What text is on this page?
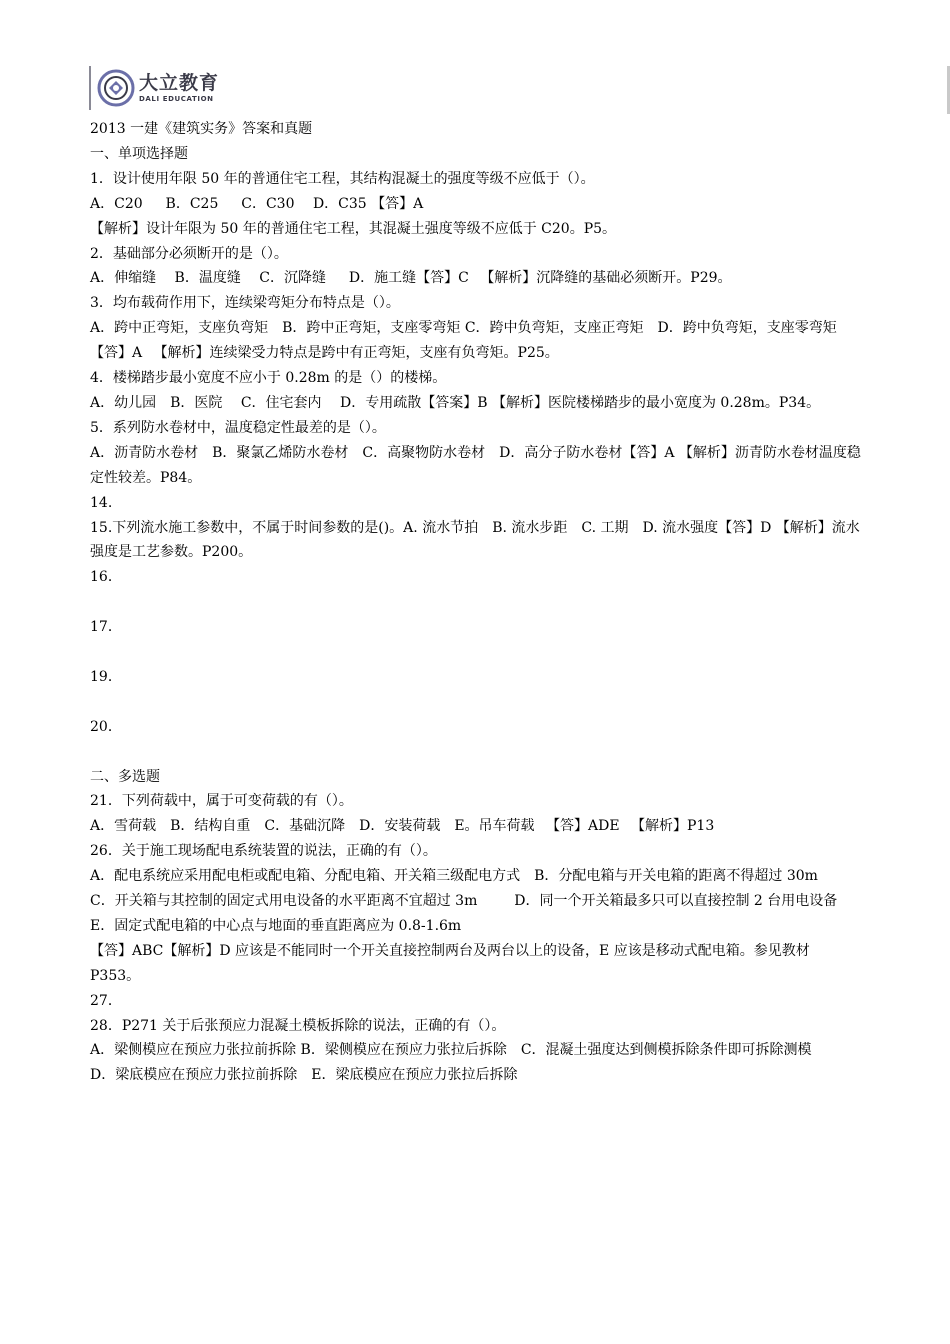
大立教育
DALI EDUCATION
2013 一建《建筑实务》答案和真题
一、单项选择题
1．设计使用年限 50 年的普通住宅工程，其结构混凝土的强度等级不应低于（）。
A．C20 　 B．C25 　 C．C30 　D．C35 【答】A
【解析】设计年限为 50 年的普通住宅工程，其混凝土强度等级不应低于 C20。P5。
2．基础部分必须断开的是（）。
A．伸缩缝 　B．温度缝 　C．沉降缝 　 D．施工缝【答】C 　【解析】沉降缝的基础必须断开。P29。
3．均布载荷作用下，连续梁弯矩分布特点是（）。
A．跨中正弯矩，支座负弯矩　B．跨中正弯矩，支座零弯矩 C．跨中负弯矩，支座正弯矩　D．跨中负弯矩，支座零弯矩
【答】A 　【解析】连续梁受力特点是跨中有正弯矩，支座有负弯矩。P25。
4．楼梯踏步最小宽度不应小于 0.28m 的是（）的楼梯。
A．幼儿园　B．医院　 C．住宅套内　 D．专用疏散【答案】B 【解析】医院楼梯踏步的最小宽度为 0.28m。P34。
5．系列防水卷材中，温度稳定性最差的是（）。
A．沥青防水卷材　B．聚氯乙烯防水卷材　C．高聚物防水卷材　D．高分子防水卷材【答】A 【解析】沥青防水卷材温度稳定性较差。P84。
14.
15.下列流水施工参数中，不属于时间参数的是()。A. 流水节拍　B. 流水步距　C. 工期　D. 流水强度【答】D 【解析】流水强度是工艺参数。P200。
16．
17．
19．
20．
二、多选题
21．下列荷载中，属于可变荷载的有（）。
A．雪荷载　B．结构自重　C．基础沉降　D．安装荷载　E。吊车荷载 　【答】ADE 　【解析】P13
26．关于施工现场配电系统装置的说法，正确的有（）。
A．配电系统应采用配电柜或配电箱、分配电箱、开关箱三级配电方式　B．分配电箱与开关电箱的距离不得超过 30m
C．开关箱与其控制的固定式用电设备的水平距离不宜超过 3m 　　 D．同一个开关箱最多只可以直接控制 2 台用电设备
E．固定式配电箱的中心点与地面的垂直距离应为 0.8-1.6m
【答】ABC【解析】D 应该是不能同时一个开关直接控制两台及两台以上的设备，E 应该是移动式配电箱。参见教材 P353。
27．
28．P271 关于后张预应力混凝土模板拆除的说法，正确的有（）。
A．梁侧模应在预应力张拉前拆除 B．梁侧模应在预应力张拉后拆除　C．混凝土强度达到侧模拆除条件即可拆除测模
D．梁底模应在预应力张拉前拆除　E．梁底模应在预应力张拉后拆除
